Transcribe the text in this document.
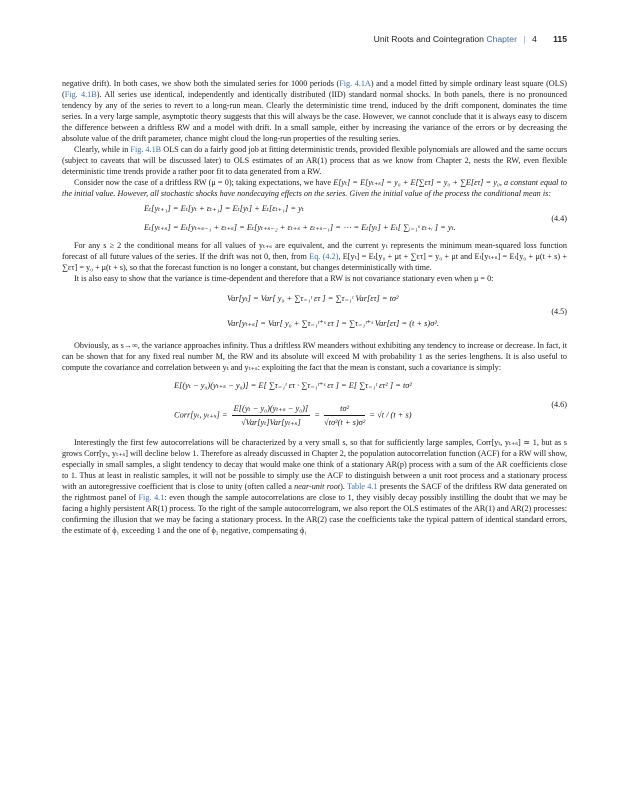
Unit Roots and Cointegration Chapter | 4 115

negative drift). In both cases, we show both the simulated series for 1000 periods (Fig. 4.1A) and a model fitted by simple ordinary least square (OLS) (Fig. 4.1B). All series use identical, independently and identically distributed (IID) standard normal shocks. In both panels, there is no pronounced tendency by any of the series to revert to a long-run mean. Clearly the deterministic time trend, induced by the drift component, dominates the time series. In a very large sample, asymptotic theory suggests that this will always be the case. However, we cannot conclude that it is always easy to discern the difference between a driftless RW and a model with drift. In a small sample, either by increasing the variance of the errors or by decreasing the absolute value of the drift parameter, chance might cloud the long-run properties of the resulting series.

Clearly, while in Fig. 4.1B OLS can do a fairly good job at fitting deterministic trends, provided flexible polynomials are allowed and the same occurs (subject to caveats that will be discussed later) to OLS estimates of an AR(1) process that as we know from Chapter 2, nests the RW, even flexible deterministic time trends provide a rather poor fit to data generated from a RW.

Consider now the case of a driftless RW (μ = 0); taking expectations, we have E[yₜ] = E[yₜ₊ₛ] = y₀ + E[∑ετ] = y₀ + ∑E[ετ] = y₀, a constant equal to the initial value. However, all stochastic shocks have nondecaying effects on the series. Given the initial value of the process the conditional mean is:

Eₜ[yₜ₊₁] = Eₜ[yₜ + εₜ₊₁] = Eₜ[yₜ] + Eₜ[εₜ₊₁] = yₜ
Eₜ[yₜ₊ₛ] = Eₜ[yₜ₊ₛ₋₁ + εₜ₊ₛ] = Eₜ[yₜ₊ₛ₋₂ + εₜ₊ₛ + εₜ₊ₛ₋₁] = ⋯ = Eₜ[yₜ] + Eₜ[ ∑ᵢ₌₁ˢ εₜ₊ᵢ ] = yₜ.
(4.4)

For any s ≥ 2 the conditional means for all values of yₜ₊ₛ are equivalent, and the current yₜ represents the minimum mean-squared loss function forecast of all future values of the series. If the drift was not 0, then, from Eq. (4.2), E[yₜ] = Eₜ[y₀ + μt + ∑ετ] = y₀ + μt and Eₜ[yₜ₊ₛ] = Eₜ[y₀ + μ(t + s) + ∑ετ] = y₀ + μ(t + s), so that the forecast function is no longer a constant, but changes deterministically with time.

It is also easy to show that the variance is time-dependent and therefore that a RW is not covariance stationary even when μ = 0:

Var[yₜ] = Var[ y₀ + ∑τ₌₁ᵗ ετ ] = ∑τ₌₁ᵗ Var[ετ] = tσ²
Var[yₜ₊ₛ] = Var[ y₀ + ∑τ₌₁ᵗ⁺ˢ ετ ] = ∑τ₌₁ᵗ⁺ˢ Var[ετ] = (t + s)σ².
(4.5)

Obviously, as s→∞, the variance approaches infinity. Thus a driftless RW meanders without exhibiting any tendency to increase or decrease. In fact, it can be shown that for any fixed real number M, the RW and its absolute will exceed M with probability 1 as the series lengthens. It is also useful to compute the covariance and correlation between yₜ and yₜ₊ₛ: exploiting the fact that the mean is constant, such a covariance is simply:

E[(yₜ − y₀)(yₜ₊ₛ − y₀)] = E[ ∑τ₌₁ᵗ ετ · ∑τ₌₁ᵗ⁺ˢ ετ ] = E[ ∑τ₌₁ᵗ ετ² ] = tσ²
Corr[yₜ, $y_{t+s}] = \frac{\text{E[(yₜ − y₀)(yₜ₊ₛ − y₀)]}}{\text{√Var[yₜ]Var[yₜ₊ₛ]}} = \frac{\text{tσ²}}{\text{√tσ²(t + s)σ²}} = √t / (t + s)$
(4.6)

Interestingly the first few autocorrelations will be characterized by a very small s, so that for sufficiently large samples, Corr[yₜ, yₜ₊ₛ] ≃ 1, but as s grows Corr[yₜ, yₜ₊ₛ] will decline below 1. Therefore as already discussed in Chapter 2, the population autocorrelation function (ACF) for a RW will show, especially in small samples, a slight tendency to decay that would make one think of a stationary AR(p) process with a sum of the AR coefficients close to 1. Thus at least in realistic samples, it will not be possible to simply use the ACF to distinguish between a unit root process and a stationary process with an autoregressive coefficient that is close to unity (often called a near-unit root). Table 4.1 presents the SACF of the driftless RW data generated on the rightmost panel of Fig. 4.1: even though the sample autocorrelations are close to 1, they visibly decay possibly instilling the doubt that we may be facing a highly persistent AR(1) process. To the right of the sample autocorrelogram, we also report the OLS estimates of the AR(1) and AR(2) processes: confirming the illusion that we may be facing a stationary process. In the AR(2) case the coefficients take the typical pattern of identical standard errors, the estimate of ϕ₁ exceeding 1 and the one of ϕ₂ negative, compensating ϕ₁
